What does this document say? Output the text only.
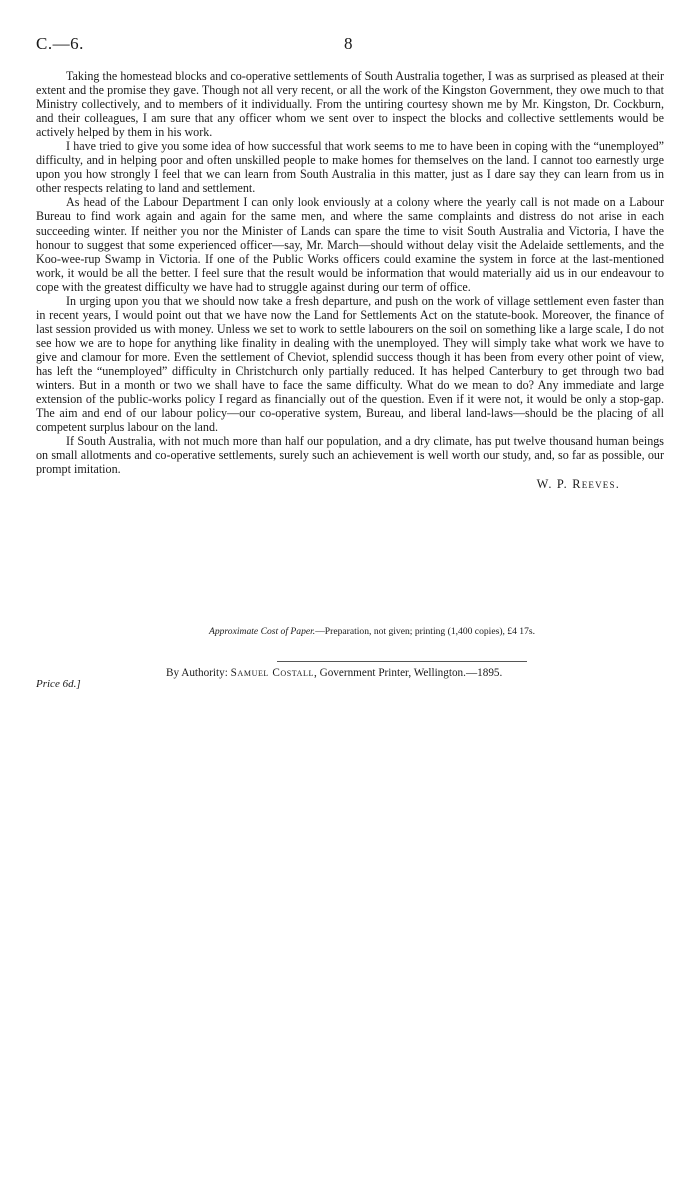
C.—6.	8

Taking the homestead blocks and co-operative settlements of South Australia together, I was as surprised as pleased at their extent and the promise they gave. Though not all very recent, or all the work of the Kingston Government, they owe much to that Ministry collectively, and to members of it individually. From the untiring courtesy shown me by Mr. Kingston, Dr. Cockburn, and their colleagues, I am sure that any officer whom we sent over to inspect the blocks and collective settlements would be actively helped by them in his work.

I have tried to give you some idea of how successful that work seems to me to have been in coping with the “unemployed” difficulty, and in helping poor and often unskilled people to make homes for themselves on the land. I cannot too earnestly urge upon you how strongly I feel that we can learn from South Australia in this matter, just as I dare say they can learn from us in other respects relating to land and settlement.

As head of the Labour Department I can only look enviously at a colony where the yearly call is not made on a Labour Bureau to find work again and again for the same men, and where the same complaints and distress do not arise in each succeeding winter. If neither you nor the Minister of Lands can spare the time to visit South Australia and Victoria, I have the honour to suggest that some experienced officer—say, Mr. March—should without delay visit the Adelaide settlements, and the Koo-wee-rup Swamp in Victoria. If one of the Public Works officers could examine the system in force at the last-mentioned work, it would be all the better. I feel sure that the result would be information that would materially aid us in our endeavour to cope with the greatest difficulty we have had to struggle against during our term of office.

In urging upon you that we should now take a fresh departure, and push on the work of village settlement even faster than in recent years, I would point out that we have now the Land for Settlements Act on the statute-book. Moreover, the finance of last session provided us with money. Unless we set to work to settle labourers on the soil on something like a large scale, I do not see how we are to hope for anything like finality in dealing with the unemployed. They will simply take what work we have to give and clamour for more. Even the settlement of Cheviot, splendid success though it has been from every other point of view, has left the “unemployed” difficulty in Christchurch only partially reduced. It has helped Canterbury to get through two bad winters. But in a month or two we shall have to face the same difficulty. What do we mean to do? Any immediate and large extension of the public-works policy I regard as financially out of the question. Even if it were not, it would be only a stop-gap. The aim and end of our labour policy—our co-operative system, Bureau, and liberal land-laws—should be the placing of all competent surplus labour on the land.

If South Australia, with not much more than half our population, and a dry climate, has put twelve thousand human beings on small allotments and co-operative settlements, surely such an achievement is well worth our study, and, so far as possible, our prompt imitation.

W. P. Reeves.
Approximate Cost of Paper.—Preparation, not given; printing (1,400 copies), £4 17s.
By Authority: Samuel Costall, Government Printer, Wellington.—1895.
Price 6d.]
